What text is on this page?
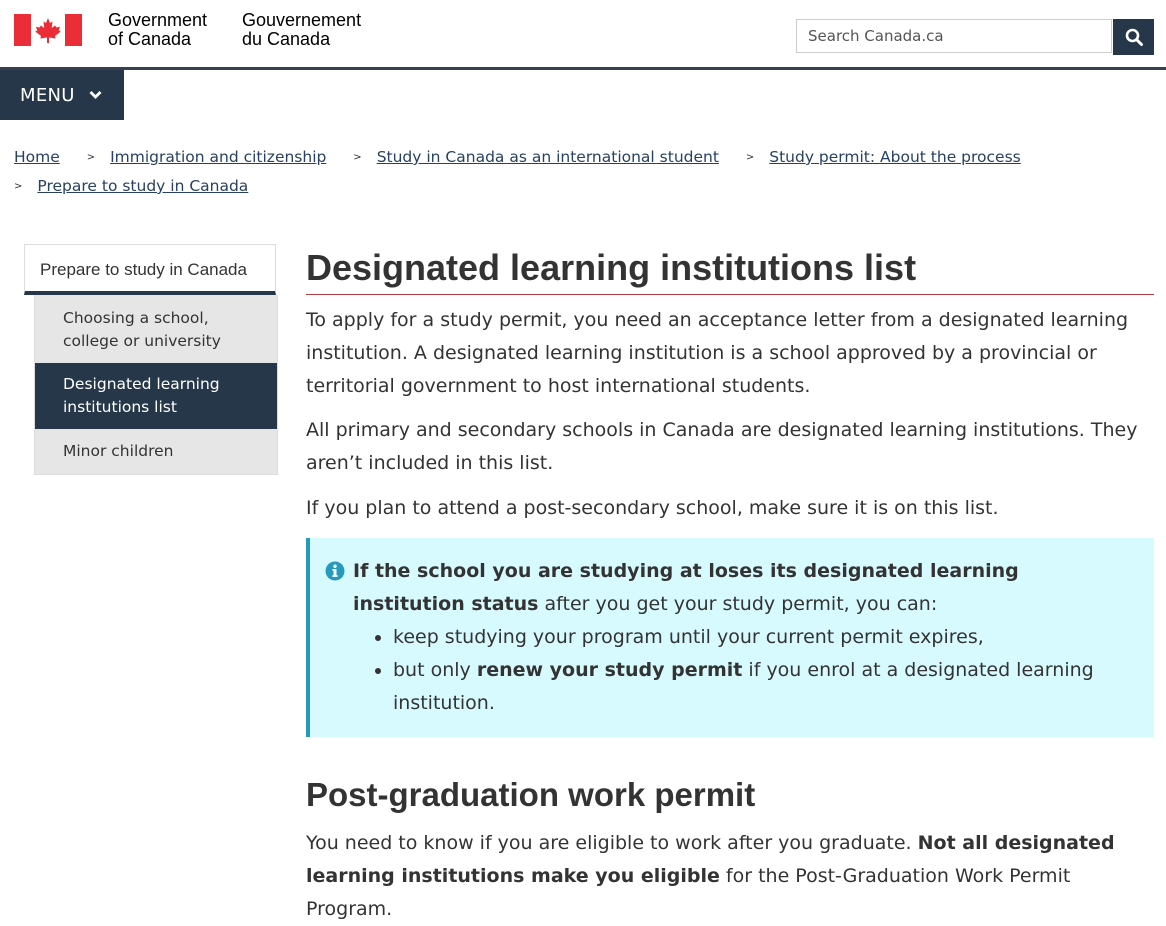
Government
of Canada
Gouvernement
du Canada
Search Canada.ca
MENU
Home	> Immigration and citizenship	> Study in Canada as an international student	> Study permit: About the process
> Prepare to study in Canada
Prepare to study in Canada
Choosing a school, college or university
Designated learning institutions list
Minor children
Designated learning institutions list

To apply for a study permit, you need an acceptance letter from a designated learning institution. A designated learning institution is a school approved by a provincial or territorial government to host international students.

All primary and secondary schools in Canada are designated learning institutions. They aren’t included in this list.

If you plan to attend a post-secondary school, make sure it is on this list.

If the school you are studying at loses its designated learning institution status after you get your study permit, you can:
• keep studying your program until your current permit expires,
• but only renew your study permit if you enrol at a designated learning institution.
Post-graduation work permit

You need to know if you are eligible to work after you graduate. Not all designated learning institutions make you eligible for the Post-Graduation Work Permit Program.
